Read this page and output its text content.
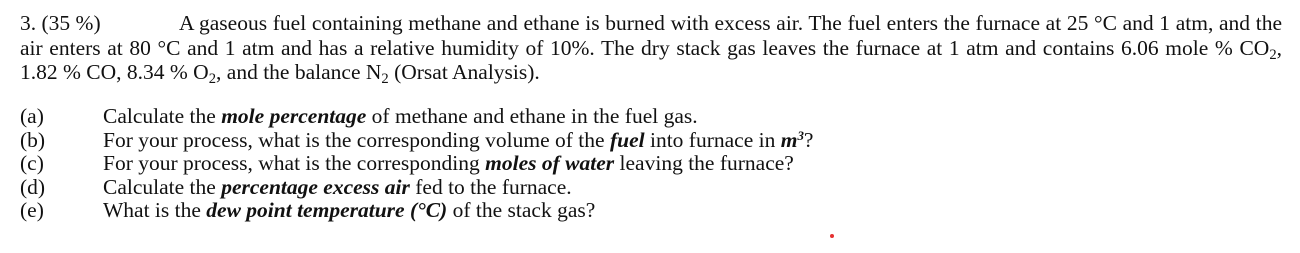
3. (35 %)	A gaseous fuel containing methane and ethane is burned with excess air. The fuel enters the furnace at 25 °C and 1 atm, and the air enters at 80 °C and 1 atm and has a relative humidity of 10%. The dry stack gas leaves the furnace at 1 atm and contains 6.06 mole % $CO_2$, 1.82 % CO, 8.34 % $O_2$, and the balance $N_2$ (Orsat Analysis).
(a)	Calculate the mole percentage of methane and ethane in the fuel gas.
(b)	For your process, what is the corresponding volume of the fuel into furnace in $m^3$?
(c)	For your process, what is the corresponding moles of water leaving the furnace?
(d)	Calculate the percentage excess air fed to the furnace.
(e)	What is the dew point temperature (°C) of the stack gas?
